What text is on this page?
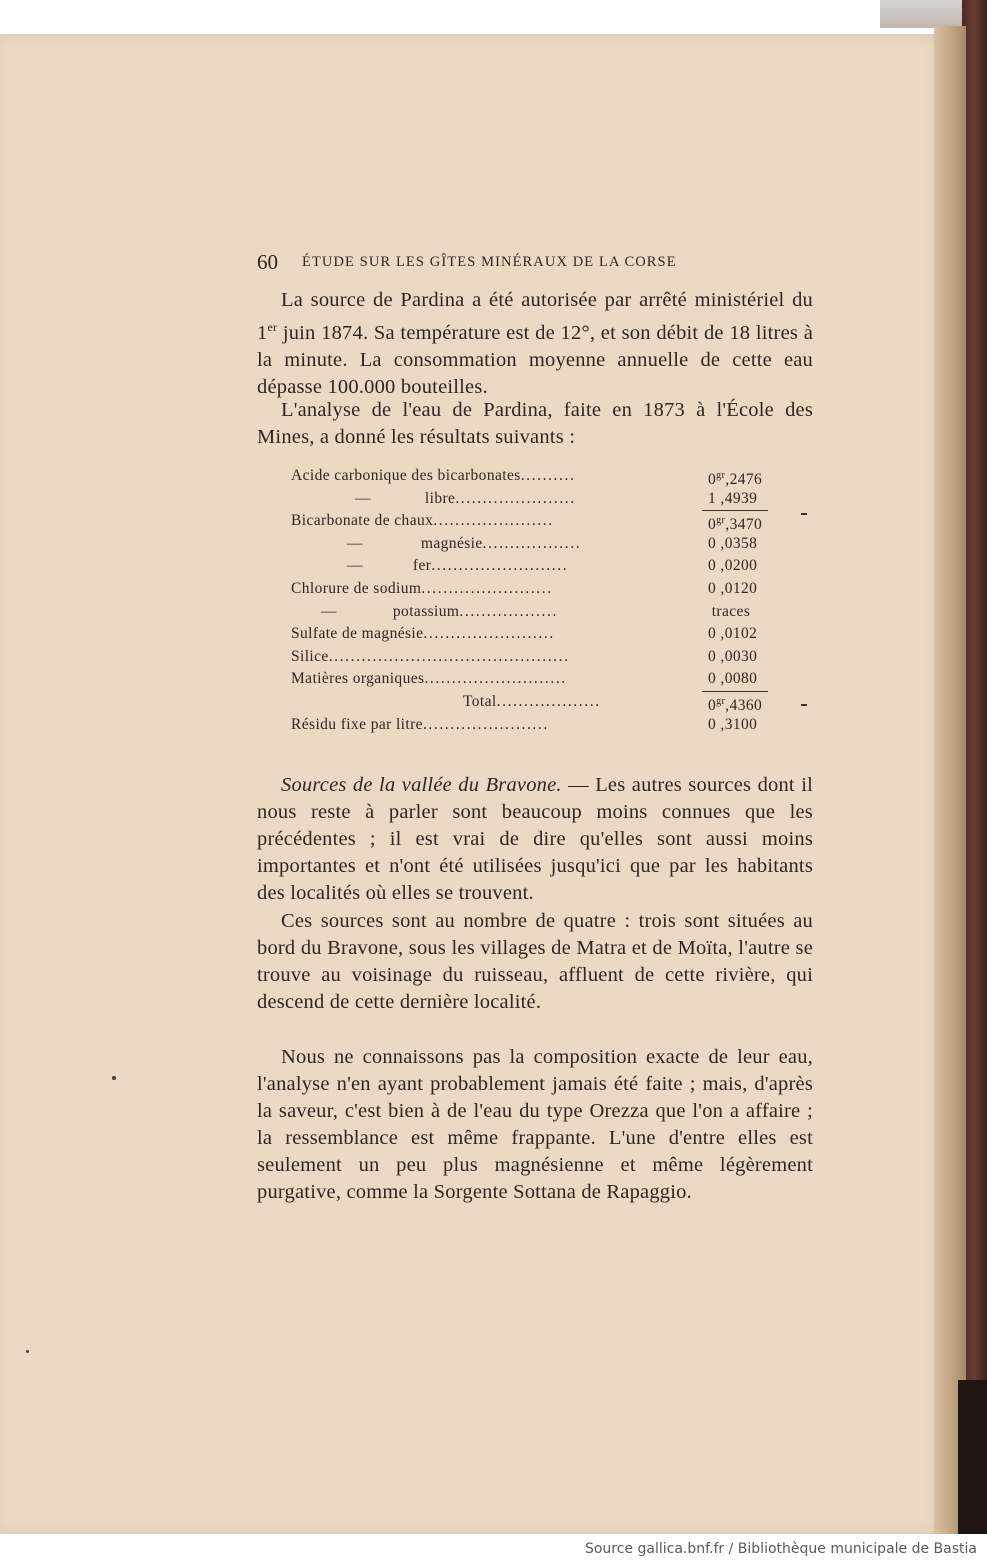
60 ÉTUDE SUR LES GÎTES MINÉRAUX DE LA CORSE

La source de Pardina a été autorisée par arrêté ministériel du 1er juin 1874. Sa température est de 12°, et son débit de 18 litres à la minute. La consommation moyenne annuelle de cette eau dépasse 100.000 bouteilles.

L'analyse de l'eau de Pardina, faite en 1873 à l'École des Mines, a donné les résultats suivants :

Acide carbonique des bicarbonates..........	$0^{gr},2476$
—	libre......................	1 ,4939
Bicarbonate de chaux......................	$0^{gr},3470$
—	magnésie..................	0 ,0358
—	fer.........................	0 ,0200
Chlorure de sodium........................	0 ,0120
—	potassium..................	traces
Sulfate de magnésie........................	0 ,0102
Silice............................................	0 ,0030
Matières organiques..........................	0 ,0080
Total...................	$0^{gr},4360$
Résidu fixe par litre.......................	0 ,3100

Sources de la vallée du Bravone. — Les autres sources dont il nous reste à parler sont beaucoup moins connues que les précédentes ; il est vrai de dire qu'elles sont aussi moins importantes et n'ont été utilisées jusqu'ici que par les habitants des localités où elles se trouvent.

Ces sources sont au nombre de quatre : trois sont situées au bord du Bravone, sous les villages de Matra et de Moïta, l'autre se trouve au voisinage du ruisseau, affluent de cette rivière, qui descend de cette dernière localité.

Nous ne connaissons pas la composition exacte de leur eau, l'analyse n'en ayant probablement jamais été faite ; mais, d'après la saveur, c'est bien à de l'eau du type Orezza que l'on a affaire ; la ressemblance est même frappante. L'une d'entre elles est seulement un peu plus magnésienne et même légèrement purgative, comme la Sorgente Sottana de Rapaggio.

Source gallica.bnf.fr / Bibliothèque municipale de Bastia
